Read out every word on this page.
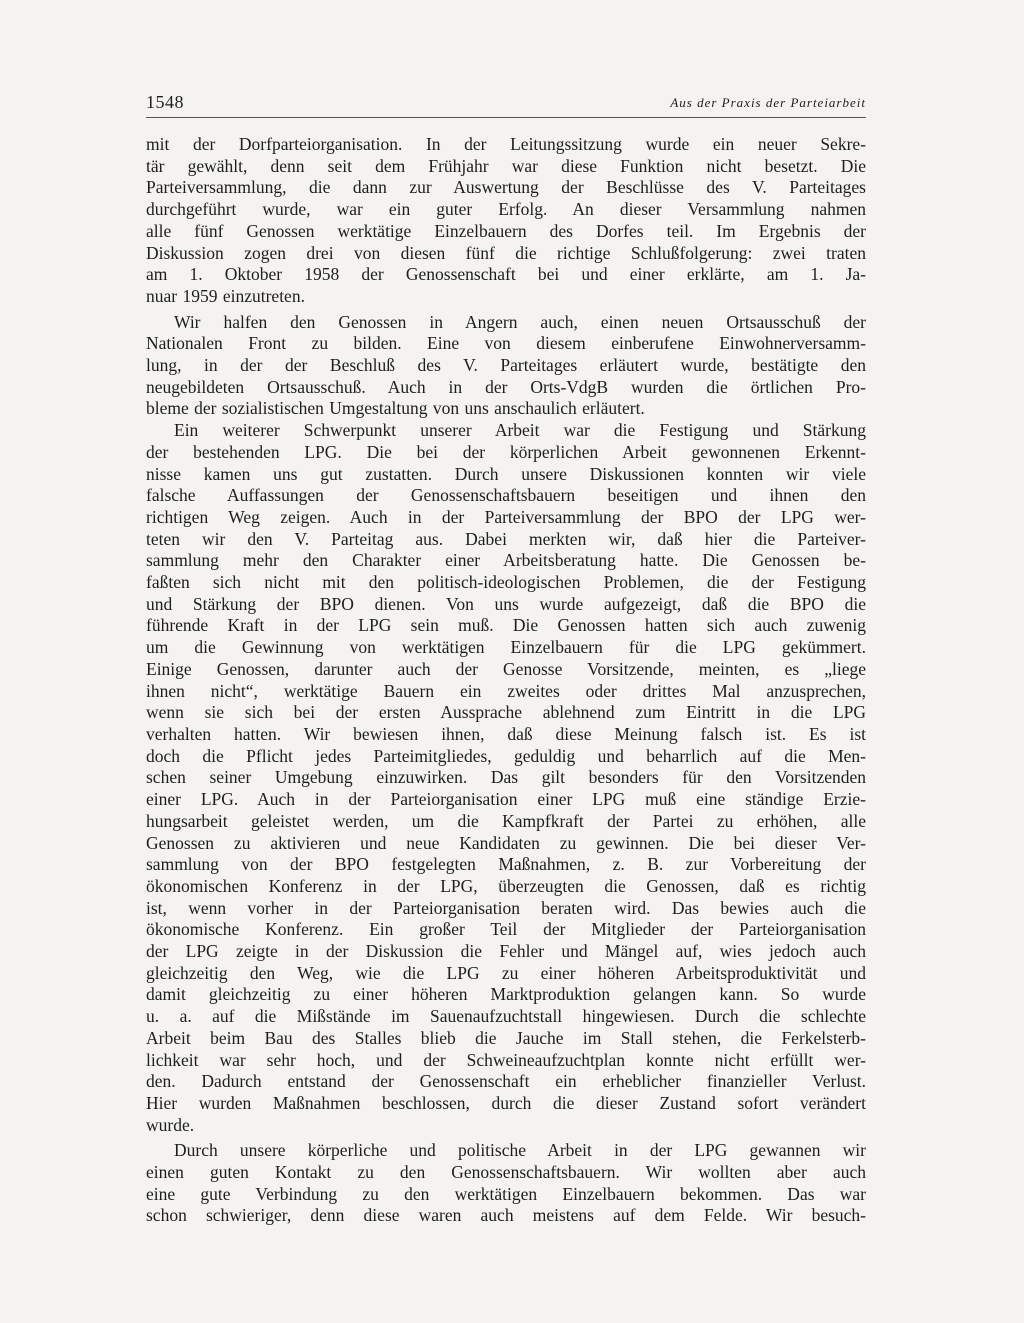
1548	Aus der Praxis der Parteiarbeit

mit der Dorfparteiorganisation. In der Leitungssitzung wurde ein neuer Sekre-
tär gewählt, denn seit dem Frühjahr war diese Funktion nicht besetzt. Die
Parteiversammlung, die dann zur Auswertung der Beschlüsse des V. Parteitages
durchgeführt wurde, war ein guter Erfolg. An dieser Versammlung nahmen
alle fünf Genossen werktätige Einzelbauern des Dorfes teil. Im Ergebnis der
Diskussion zogen drei von diesen fünf die richtige Schlußfolgerung: zwei traten
am 1. Oktober 1958 der Genossenschaft bei und einer erklärte, am 1. Ja-
nuar 1959 einzutreten.

Wir halfen den Genossen in Angern auch, einen neuen Ortsausschuß der
Nationalen Front zu bilden. Eine von diesem einberufene Einwohnerversamm-
lung, in der der Beschluß des V. Parteitages erläutert wurde, bestätigte den
neugebildeten Ortsausschuß. Auch in der Orts-VdgB wurden die örtlichen Pro-
bleme der sozialistischen Umgestaltung von uns anschaulich erläutert.

Ein weiterer Schwerpunkt unserer Arbeit war die Festigung und Stärkung
der bestehenden LPG. Die bei der körperlichen Arbeit gewonnenen Erkennt-
nisse kamen uns gut zustatten. Durch unsere Diskussionen konnten wir viele
falsche Auffassungen der Genossenschaftsbauern beseitigen und ihnen den
richtigen Weg zeigen. Auch in der Parteiversammlung der BPO der LPG wer-
teten wir den V. Parteitag aus. Dabei merkten wir, daß hier die Parteiver-
sammlung mehr den Charakter einer Arbeitsberatung hatte. Die Genossen be-
faßten sich nicht mit den politisch-ideologischen Problemen, die der Festigung
und Stärkung der BPO dienen. Von uns wurde aufgezeigt, daß die BPO die
führende Kraft in der LPG sein muß. Die Genossen hatten sich auch zuwenig
um die Gewinnung von werktätigen Einzelbauern für die LPG gekümmert.
Einige Genossen, darunter auch der Genosse Vorsitzende, meinten, es „liege
ihnen nicht“, werktätige Bauern ein zweites oder drittes Mal anzusprechen,
wenn sie sich bei der ersten Aussprache ablehnend zum Eintritt in die LPG
verhalten hatten. Wir bewiesen ihnen, daß diese Meinung falsch ist. Es ist
doch die Pflicht jedes Parteimitgliedes, geduldig und beharrlich auf die Men-
schen seiner Umgebung einzuwirken. Das gilt besonders für den Vorsitzenden
einer LPG. Auch in der Parteiorganisation einer LPG muß eine ständige Erzie-
hungsarbeit geleistet werden, um die Kampfkraft der Partei zu erhöhen, alle
Genossen zu aktivieren und neue Kandidaten zu gewinnen. Die bei dieser Ver-
sammlung von der BPO festgelegten Maßnahmen, z. B. zur Vorbereitung der
ökonomischen Konferenz in der LPG, überzeugten die Genossen, daß es richtig
ist, wenn vorher in der Parteiorganisation beraten wird. Das bewies auch die
ökonomische Konferenz. Ein großer Teil der Mitglieder der Parteiorganisation
der LPG zeigte in der Diskussion die Fehler und Mängel auf, wies jedoch auch
gleichzeitig den Weg, wie die LPG zu einer höheren Arbeitsproduktivität und
damit gleichzeitig zu einer höheren Marktproduktion gelangen kann. So wurde
u. a. auf die Mißstände im Sauenaufzuchtstall hingewiesen. Durch die schlechte
Arbeit beim Bau des Stalles blieb die Jauche im Stall stehen, die Ferkelsterb-
lichkeit war sehr hoch, und der Schweineaufzuchtplan konnte nicht erfüllt wer-
den. Dadurch entstand der Genossenschaft ein erheblicher finanzieller Verlust.
Hier wurden Maßnahmen beschlossen, durch die dieser Zustand sofort verändert
wurde.

Durch unsere körperliche und politische Arbeit in der LPG gewannen wir
einen guten Kontakt zu den Genossenschaftsbauern. Wir wollten aber auch
eine gute Verbindung zu den werktätigen Einzelbauern bekommen. Das war
schon schwieriger, denn diese waren auch meistens auf dem Felde. Wir besuch-
